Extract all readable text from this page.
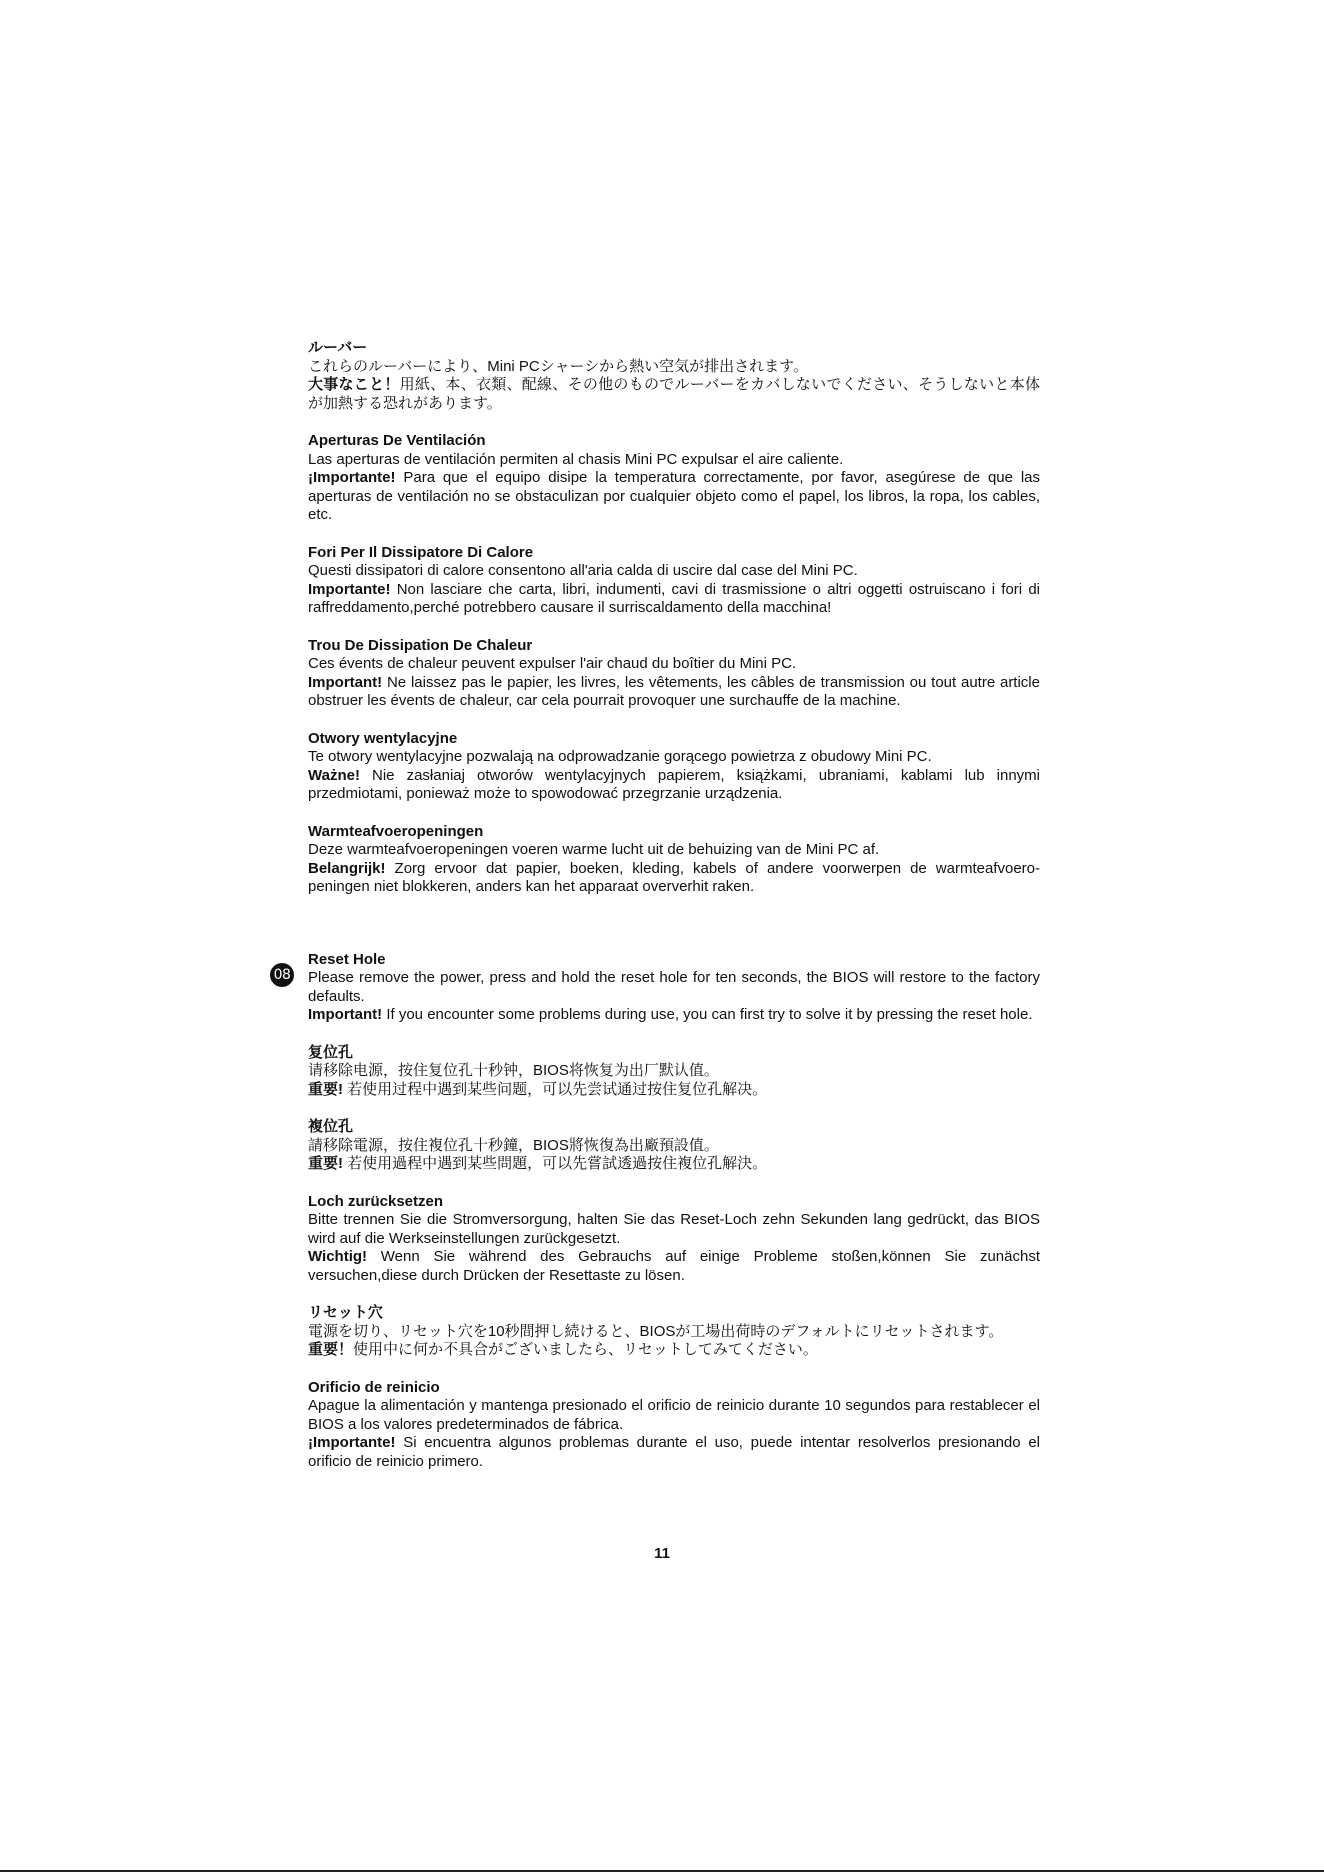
ルーバー
これらのルーバーにより、Mini PCシャーシから熱い空気が排出されます。
大事なこと！用紙、本、衣類、配線、その他のものでルーバーをカバしないでください、そうしないと本体が加熱する恐れがあります。
Aperturas De Ventilación
Las aperturas de ventilación permiten al chasis Mini PC expulsar el aire caliente.
¡Importante! Para que el equipo disipe la temperatura correctamente, por favor, asegúrese de que las aperturas de ventilación no se obstaculizan por cualquier objeto como el papel, los libros, la ropa, los cables, etc.
Fori Per Il Dissipatore Di Calore
Questi dissipatori di calore consentono all'aria calda di uscire dal case del Mini PC.
Importante! Non lasciare che carta, libri, indumenti, cavi di trasmissione o altri oggetti ostruiscano i fori di raffreddamento,perché potrebbero causare il surriscaldamento della macchina!
Trou De Dissipation De Chaleur
Ces évents de chaleur peuvent expulser l'air chaud du boîtier du Mini PC.
Important! Ne laissez pas le papier, les livres, les vêtements, les câbles de transmission ou tout autre article obstruer les évents de chaleur, car cela pourrait provoquer une surchauffe de la machine.
Otwory wentylacyjne
Te otwory wentylacyjne pozwalają na odprowadzanie gorącego powietrza z obudowy Mini PC.
Ważne! Nie zasłaniaj otworów wentylacyjnych papierem, książkami, ubraniami, kablami lub innymi przedmiotami, ponieważ może to spowodować przegrzanie urządzenia.
Warmteafvoeropeningen
Deze warmteafvoeropeningen voeren warme lucht uit de behuizing van de Mini PC af.
Belangrijk! Zorg ervoor dat papier, boeken, kleding, kabels of andere voorwerpen de warmteafvoero-peningen niet blokkeren, anders kan het apparaat oververhit raken.
Reset Hole
Please remove the power, press and hold the reset hole for ten seconds, the BIOS will restore to the factory defaults.
Important! If you encounter some problems during use, you can first try to solve it by pressing the reset hole.
复位孔
请移除电源，按住复位孔十秒钟，BIOS将恢复为出厂默认值。
重要! 若使用过程中遇到某些问题，可以先尝试通过按住复位孔解决。
複位孔
請移除電源，按住複位孔十秒鐘，BIOS將恢復為出廠預設值。
重要! 若使用過程中遇到某些問題，可以先嘗試透過按住複位孔解決。
Loch zurücksetzen
Bitte trennen Sie die Stromversorgung, halten Sie das Reset-Loch zehn Sekunden lang gedrückt, das BIOS wird auf die Werkseinstellungen zurückgesetzt.
Wichtig! Wenn Sie während des Gebrauchs auf einige Probleme stoßen,können Sie zunächst versuchen,diese durch Drücken der Resettaste zu lösen.
リセット穴
電源を切り、リセット穴を10秒間押し続けると、BIOSが工場出荷時のデフォルトにリセットされます。
重要！使用中に何か不具合がございましたら、リセットしてみてください。
Orificio de reinicio
Apague la alimentación y mantenga presionado el orificio de reinicio durante 10 segundos para restablecer el BIOS a los valores predeterminados de fábrica.
¡Importante! Si encuentra algunos problemas durante el uso, puede intentar resolverlos presionando el orificio de reinicio primero.
08
11
